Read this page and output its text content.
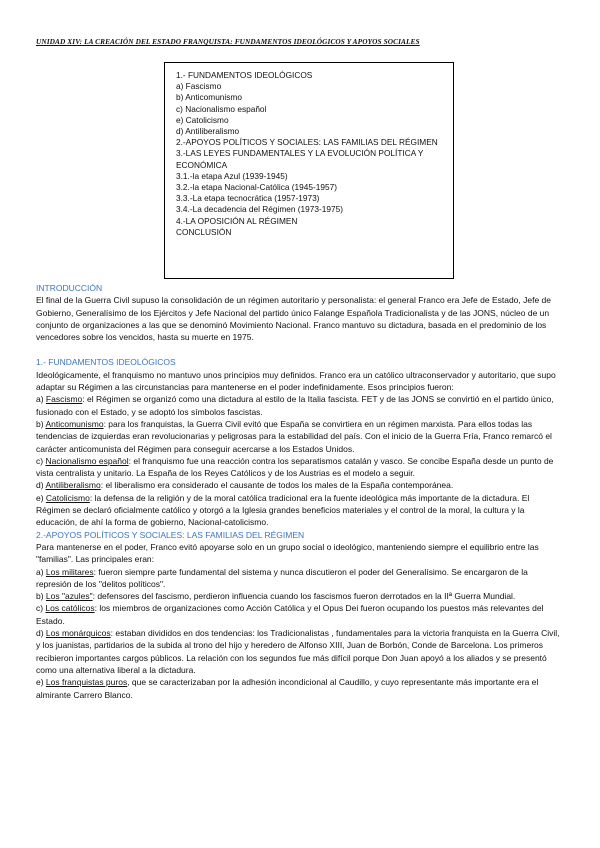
UNIDAD XIV: LA CREACIÓN DEL ESTADO FRANQUISTA: FUNDAMENTOS IDEOLÓGICOS Y APOYOS SOCIALES
1.- FUNDAMENTOS IDEOLÓGICOS
a) Fascismo
b) Anticomunismo
c) Nacionalismo español
e) Catolicismo
d) Antiliberalismo
2.-APOYOS POLÍTICOS Y SOCIALES: LAS FAMILIAS DEL RÉGIMEN
3.-LAS LEYES FUNDAMENTALES Y LA EVOLUCIÓN POLÍTICA Y ECONÓMICA
3.1.-la etapa Azul (1939-1945)
3.2.-la etapa Nacional-Católica (1945-1957)
3.3.-La etapa tecnocrática (1957-1973)
3.4.-La decadencia del Régimen (1973-1975)
4.-LA OPOSICIÓN AL RÉGIMEN
CONCLUSIÓN

INTRODUCCIÓN

El final de la Guerra Civil supuso la consolidación de un régimen autoritario y personalista: el general Franco era Jefe de Estado, Jefe de Gobierno, Generalísimo de los Ejércitos y Jefe Nacional del partido único Falange Española Tradicionalista y de las JONS, núcleo de un conjunto de organizaciones a las que se denominó Movimiento Nacional. Franco mantuvo su dictadura, basada en el predominio de los vencedores sobre los vencidos, hasta su muerte en 1975.

1.- FUNDAMENTOS IDEOLÓGICOS

Ideológicamente, el franquismo no mantuvo unos principios muy definidos. Franco era un católico ultraconservador y autoritario, que supo adaptar su Régimen a las circunstancias para mantenerse en el poder indefinidamente. Esos principios fueron:

a) Fascismo: el Régimen se organizó como una dictadura al estilo de la Italia fascista. FET y de las JONS se convirtió en el partido único, fusionado con el Estado, y se adoptó los símbolos fascistas.

b) Anticomunismo: para los franquistas, la Guerra Civil evitó que España se convirtiera en un régimen marxista. Para ellos todas las tendencias de izquierdas eran revolucionarias y peligrosas para la estabilidad del país. Con el inicio de la Guerra Fría, Franco remarcó el carácter anticomunista del Régimen para conseguir acercarse a los Estados Unidos.

c) Nacionalismo español: el franquismo fue una reacción contra los separatismos catalán y vasco. Se concibe España desde un punto de vista centralista y unitario. La España de los Reyes Católicos y de los Austrias es el modelo a seguir.

d) Antiliberalismo: el liberalismo era considerado el causante de todos los males de la España contemporánea.

e) Catolicismo: la defensa de la religión y de la moral católica tradicional era la fuente ideológica más importante de la dictadura. El Régimen se declaró oficialmente católico y otorgó a la Iglesia grandes beneficios materiales y el control de la moral, la cultura y la educación, de ahí la forma de gobierno, Nacional-catolicismo.

2.-APOYOS POLÍTICOS Y SOCIALES: LAS FAMILIAS DEL RÉGIMEN

Para mantenerse en el poder, Franco evitó apoyarse solo en un grupo social o ideológico, manteniendo siempre el equilibrio entre las "familias". Las principales eran:

a) Los militares: fueron siempre parte fundamental del sistema y nunca discutieron el poder del Generalísimo. Se encargaron de la represión de los "delitos políticos".

b) Los "azules": defensores del fascismo, perdieron influencia cuando los fascismos fueron derrotados en la IIª Guerra Mundial.

c) Los católicos: los miembros de organizaciones como Acción Católica y el Opus Dei fueron ocupando los puestos más relevantes del Estado.

d) Los monárquicos: estaban divididos en dos tendencias: los Tradicionalistas , fundamentales para la victoria franquista en la Guerra Civil, y los juanistas, partidarios de la subida al trono del hijo y heredero de Alfonso XIII, Juan de Borbón, Conde de Barcelona. Los primeros recibieron importantes cargos públicos. La relación con los segundos fue más difícil porque Don Juan apoyó a los aliados y se presentó como una alternativa liberal a la dictadura.

e) Los franquistas puros, que se caracterizaban por la adhesión incondicional al Caudillo, y cuyo representante más importante era el almirante Carrero Blanco.
